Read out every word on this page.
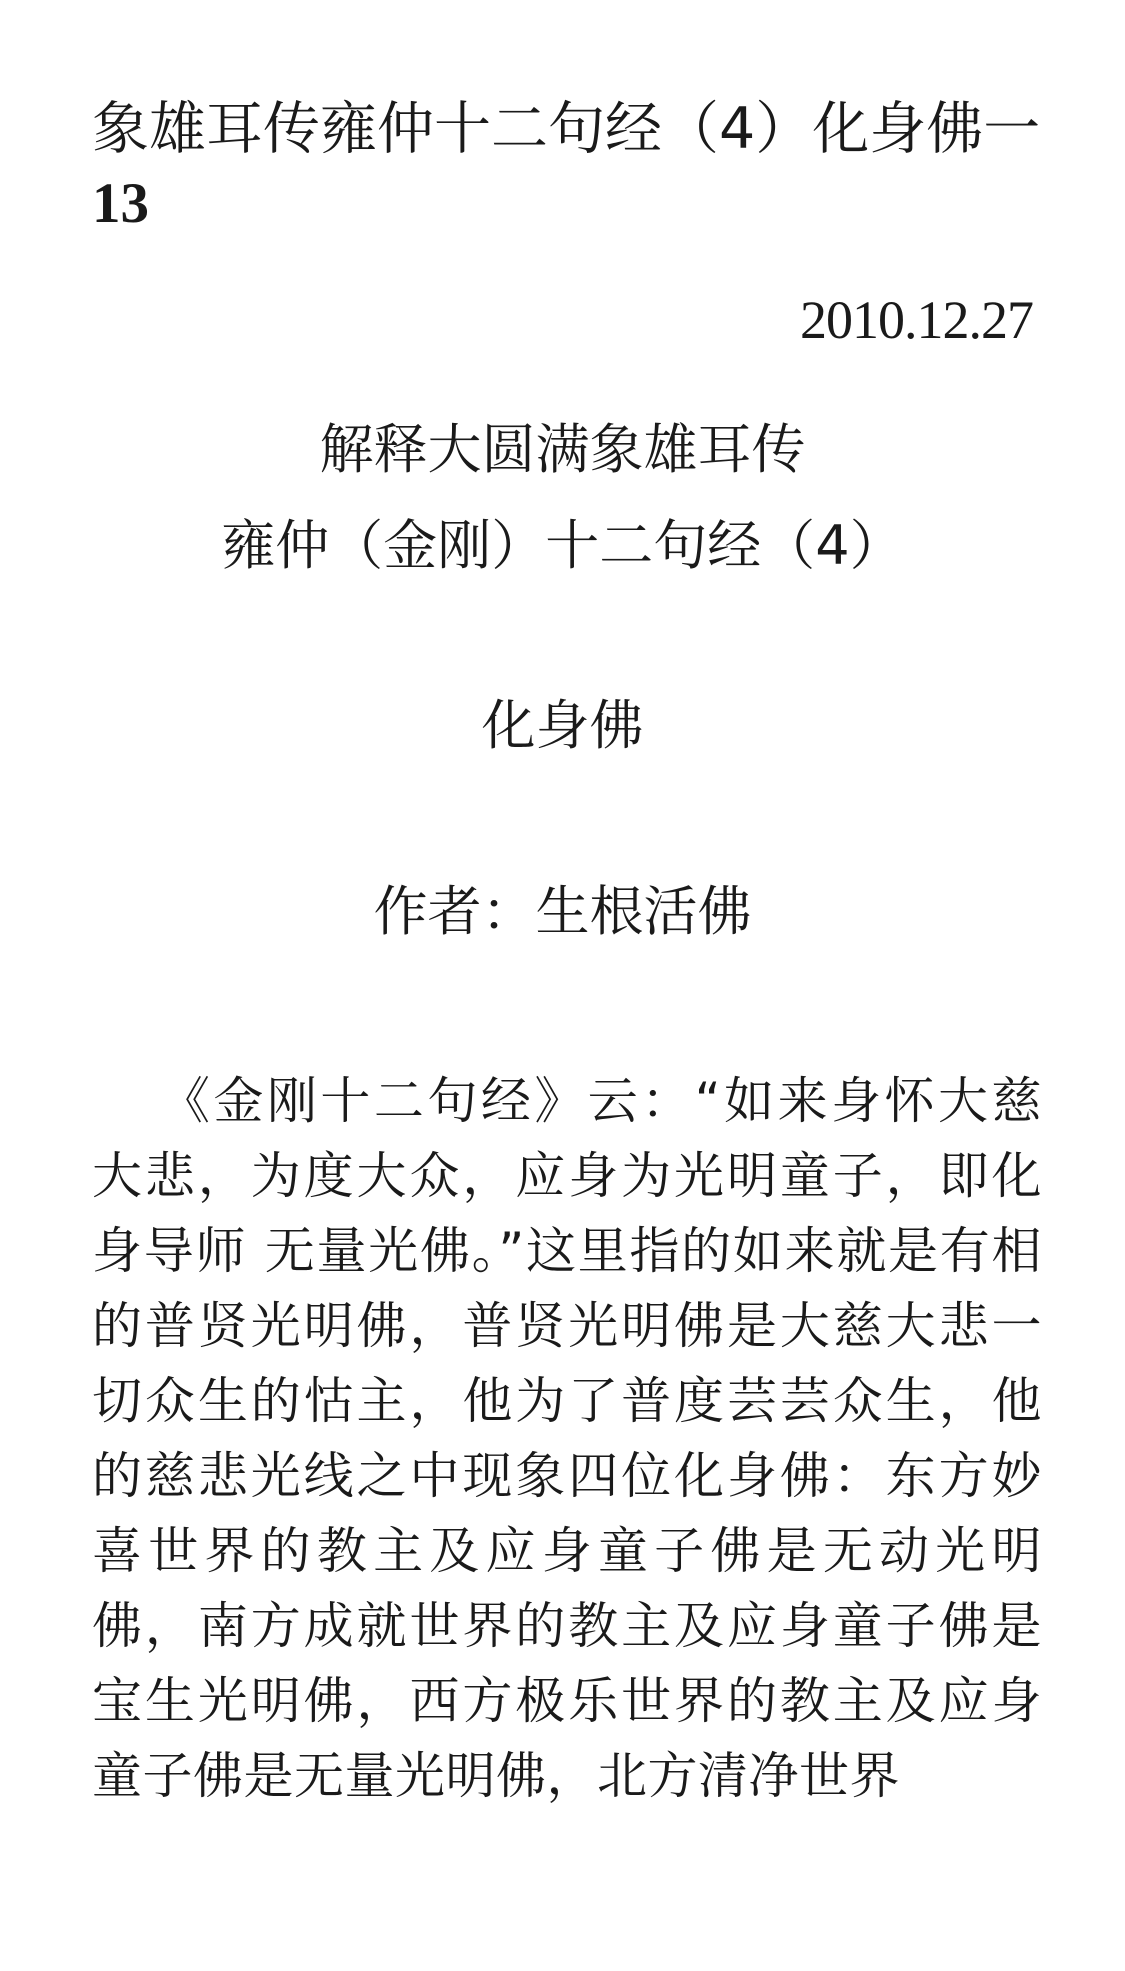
象雄耳传雍仲十二句经（4）化身佛一
13
2010.12.27
解释大圆满象雄耳传
雍仲（金刚）十二句经（4）
化身佛
作者：生根活佛

《金刚十二句经》云：“如来身怀大慈大悲，为度大众，应身为光明童子，即化身导师 无量光佛。”这里指的如来就是有相的普贤光明佛，普贤光明佛是大慈大悲一切众生的怙主，他为了普度芸芸众生，他的慈悲光线之中现象四位化身佛：东方妙喜世界的教主及应身童子佛是无动光明佛，南方成就世界的教主及应身童子佛是宝生光明佛，西方极乐世界的教主及应身童子佛是无量光明佛，北方清净世界
